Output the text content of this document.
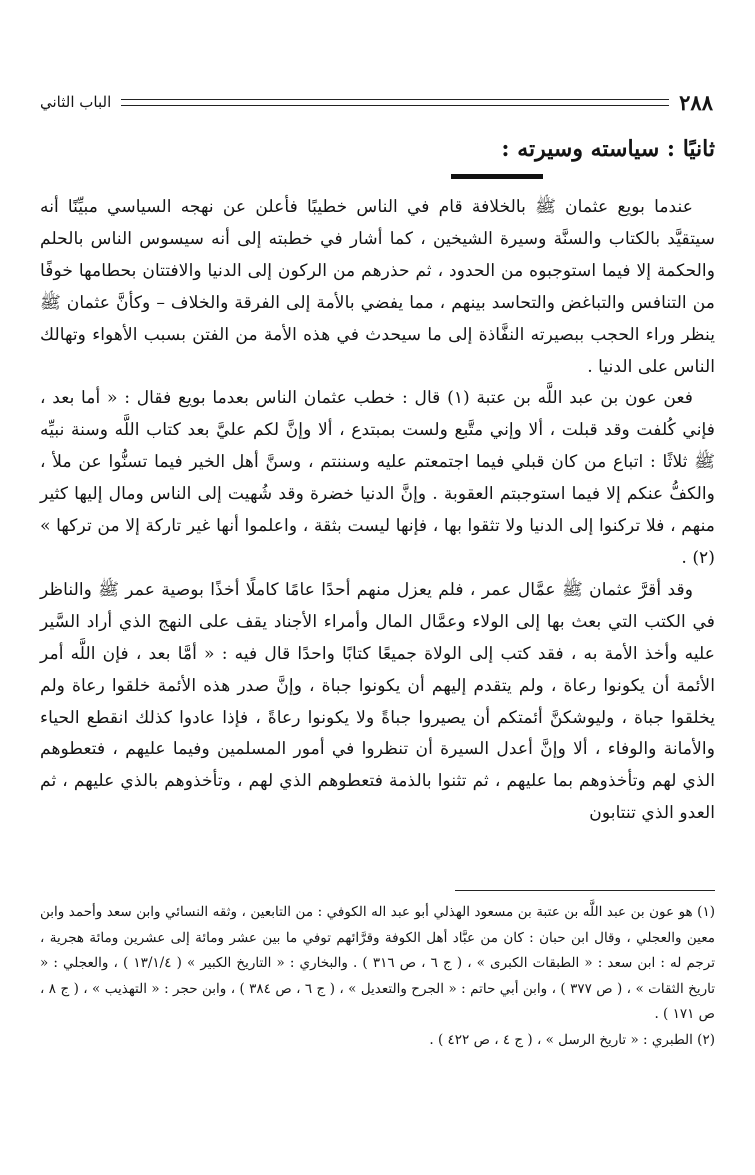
الباب الثاني	٢٨٨
ثانيًا : سياسته وسيرته :

عندما بويع عثمان ﷺ بالخلافة قام في الناس خطيبًا فأعلن عن نهجه السياسي مبيِّنًا أنه سيتقيَّد بالكتاب والسنَّة وسيرة الشيخين ، كما أشار في خطبته إلى أنه سيسوس الناس بالحلم والحكمة إلا فيما استوجبوه من الحدود ، ثم حذرهم من الركون إلى الدنيا والافتتان بحطامها خوفًا من التنافس والتباغض والتحاسد بينهم ، مما يفضي بالأمة إلى الفرقة والخلاف – وكأنَّ عثمان ﷺ ينظر وراء الحجب ببصيرته النفَّاذة إلى ما سيحدث في هذه الأمة من الفتن بسبب الأهواء وتهالك الناس على الدنيا .

فعن عون بن عبد اللَّه بن عتبة (١) قال : خطب عثمان الناس بعدما بويع فقال : « أما بعد ، فإني كُلفت وقد قبلت ، ألا وإني متَّبع ولست بمبتدع ، ألا وإنَّ لكم عليَّ بعد كتاب اللَّه وسنة نبيِّه ﷺ ثلاثًا : اتباع من كان قبلي فيما اجتمعتم عليه وسننتم ، وسنَّ أهل الخير فيما تسنُّوا عن ملأ ، والكفُّ عنكم إلا فيما استوجبتم العقوبة . وإنَّ الدنيا خضرة وقد شُهيت إلى الناس ومال إليها كثير منهم ، فلا تركنوا إلى الدنيا ولا تثقوا بها ، فإنها ليست بثقة ، واعلموا أنها غير تاركة إلا من تركها » (٢) .

وقد أقرَّ عثمان ﷺ عمَّال عمر ، فلم يعزل منهم أحدًا عامًا كاملًا أخذًا بوصية عمر ﷺ والناظر في الكتب التي بعث بها إلى الولاء وعمَّال المال وأمراء الأجناد يقف على النهج الذي أراد السَّير عليه وأخذ الأمة به ، فقد كتب إلى الولاة جميعًا كتابًا واحدًا قال فيه : « أمَّا بعد ، فإن اللَّه أمر الأئمة أن يكونوا رعاة ، ولم يتقدم إليهم أن يكونوا جباة ، وإنَّ صدر هذه الأئمة خلقوا رعاة ولم يخلقوا جباة ، وليوشكنَّ أئمتكم أن يصيروا جباةً ولا يكونوا رعاةً ، فإذا عادوا كذلك انقطع الحياء والأمانة والوفاء ، ألا وإنَّ أعدل السيرة أن تنظروا في أمور المسلمين وفيما عليهم ، فتعطوهم الذي لهم وتأخذوهم بما عليهم ، ثم تثنوا بالذمة فتعطوهم الذي لهم ، وتأخذوهم بالذي عليهم ، ثم العدو الذي تنتابون

(١) هو عون بن عبد اللَّه بن عتبة بن مسعود الهذلي أبو عبد اله الكوفي : من التابعين ، وثقه النسائي وابن سعد وأحمد وابن معين والعجلي ، وقال ابن حبان : كان من عبَّاد أهل الكوفة وقرَّائهم توفي ما بين عشر ومائة إلى عشرين ومائة هجرية ، ترجم له : ابن سعد : « الطبقات الكبرى » ، ( ج ٦ ، ص ٣١٦ ) . والبخاري : « التاريخ الكبير » ( ١٣/١/٤ ) ، والعجلي : « تاريخ الثقات » ، ( ص ٣٧٧ ) ، وابن أبي حاتم : « الجرح والتعديل » ، ( ج ٦ ، ص ٣٨٤ ) ، وابن حجر : « التهذيب » ، ( ج ٨ ، ص ١٧١ ) .

(٢) الطبري : « تاريخ الرسل » ، ( ج ٤ ، ص ٤٢٢ ) .
